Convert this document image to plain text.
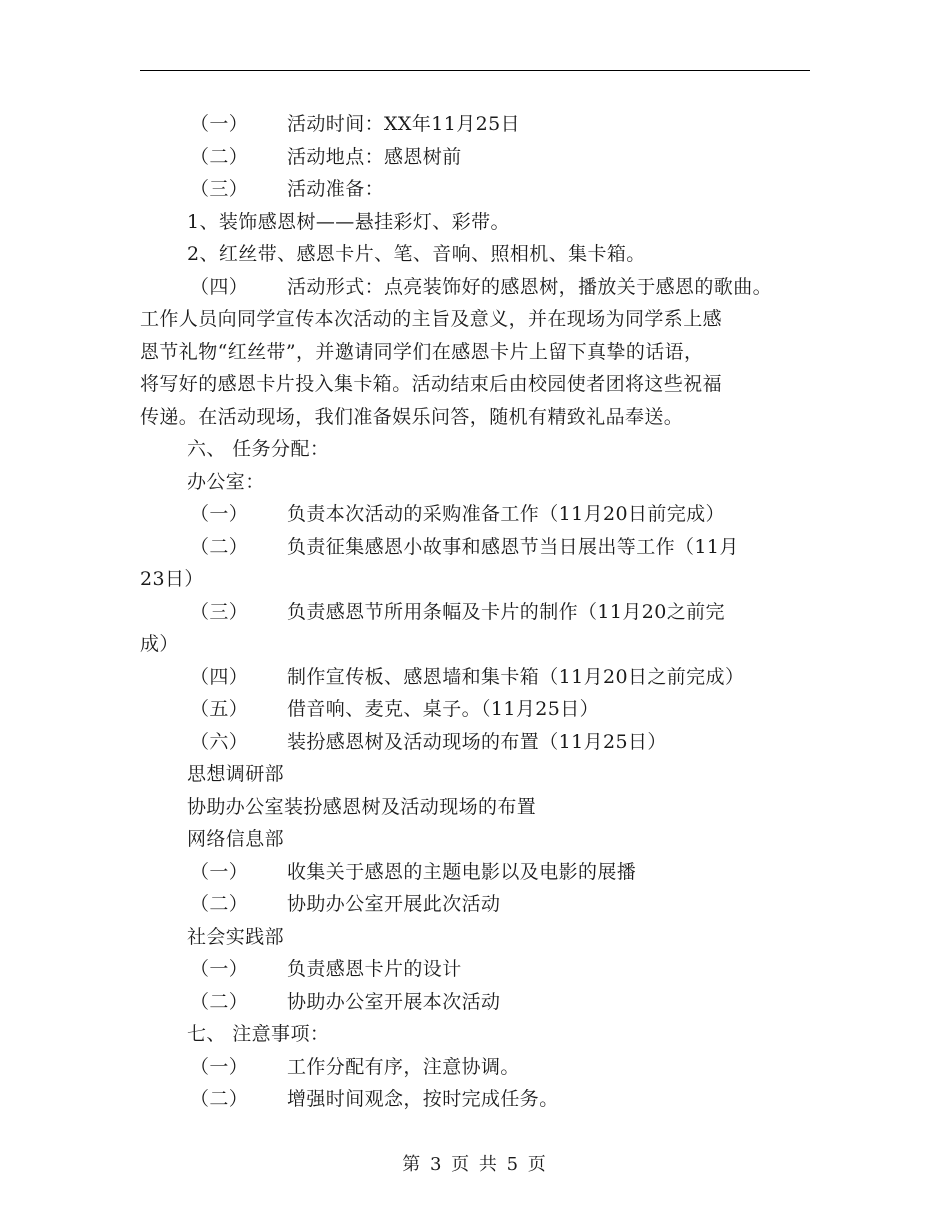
（一） 活动时间：XX年11月25日
（二） 活动地点：感恩树前
（三） 活动准备：
1、装饰感恩树——悬挂彩灯、彩带。
2、红丝带、感恩卡片、笔、音响、照相机、集卡箱。
（四） 活动形式：点亮装饰好的感恩树，播放关于感恩的歌曲。
工作人员向同学宣传本次活动的主旨及意义，并在现场为同学系上感
恩节礼物“红丝带”，并邀请同学们在感恩卡片上留下真挚的话语，
将写好的感恩卡片投入集卡箱。活动结束后由校园使者团将这些祝福
传递。在活动现场，我们准备娱乐问答，随机有精致礼品奉送。
六、 任务分配：
办公室：
（一） 负责本次活动的采购准备工作（11月20日前完成）
（二） 负责征集感恩小故事和感恩节当日展出等工作（11月
23日）
（三） 负责感恩节所用条幅及卡片的制作（11月20之前完
成）
（四） 制作宣传板、感恩墙和集卡箱（11月20日之前完成）
（五） 借音响、麦克、桌子。（11月25日）
（六） 装扮感恩树及活动现场的布置（11月25日）
思想调研部
协助办公室装扮感恩树及活动现场的布置
网络信息部
（一） 收集关于感恩的主题电影以及电影的展播
（二） 协助办公室开展此次活动
社会实践部
（一） 负责感恩卡片的设计
（二） 协助办公室开展本次活动
七、 注意事项：
（一） 工作分配有序，注意协调。
（二） 增强时间观念，按时完成任务。
第 3 页 共 5 页
